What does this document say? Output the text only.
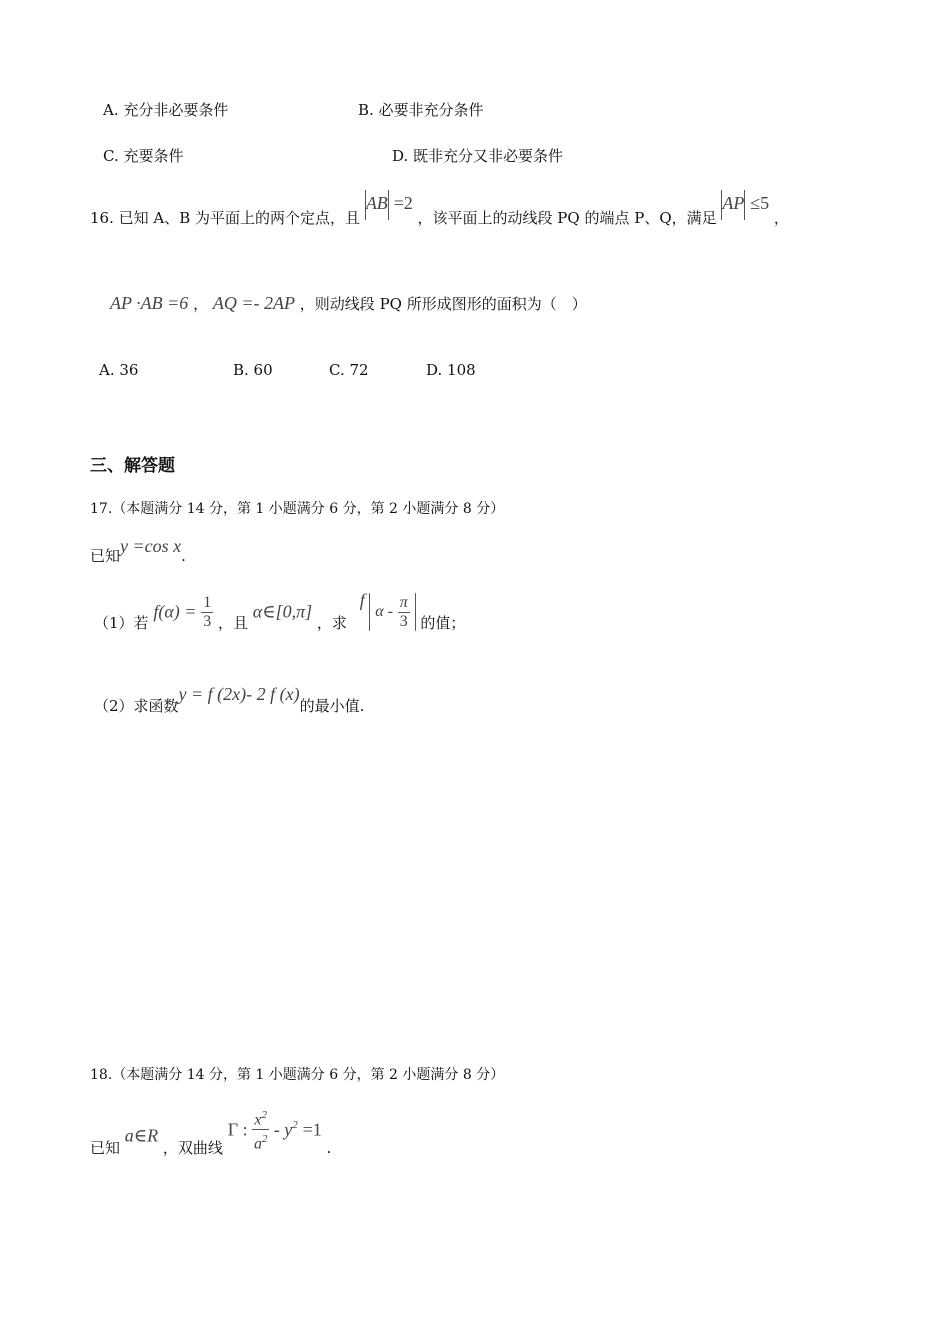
A. 充分非必要条件	B. 必要非充分条件
C. 充要条件	D. 既非充分又非必要条件
16. 已知 A、B 为平面上的两个定点，且 AB =2 ，该平面上的动线段 PQ 的端点 P、Q，满足 AP ≤5 ，
AP ·AB =6 ， AQ =- 2AP ，则动线段 PQ 所形成图形的面积为（　）
A. 36	B. 60	C. 72	D. 108
三、解答题
17.（本题满分 14 分，第 1 小题满分 6 分，第 2 小题满分 8 分）
已知y =cos x.
（1）若 $f(\alpha) = \frac{1}{3}$ ，且 α∈[0,π] ，求 f  α - $\frac{\pi}{3}$ 的值；
（2）求函数y = f (2x)- 2 f (x)的最小值.
18.（本题满分 14 分，第 1 小题满分 6 分，第 2 小题满分 8 分）
已知 a∈R ，双曲线 Γ : $\frac{x^2}{a^2} - y^2 =1$ .
